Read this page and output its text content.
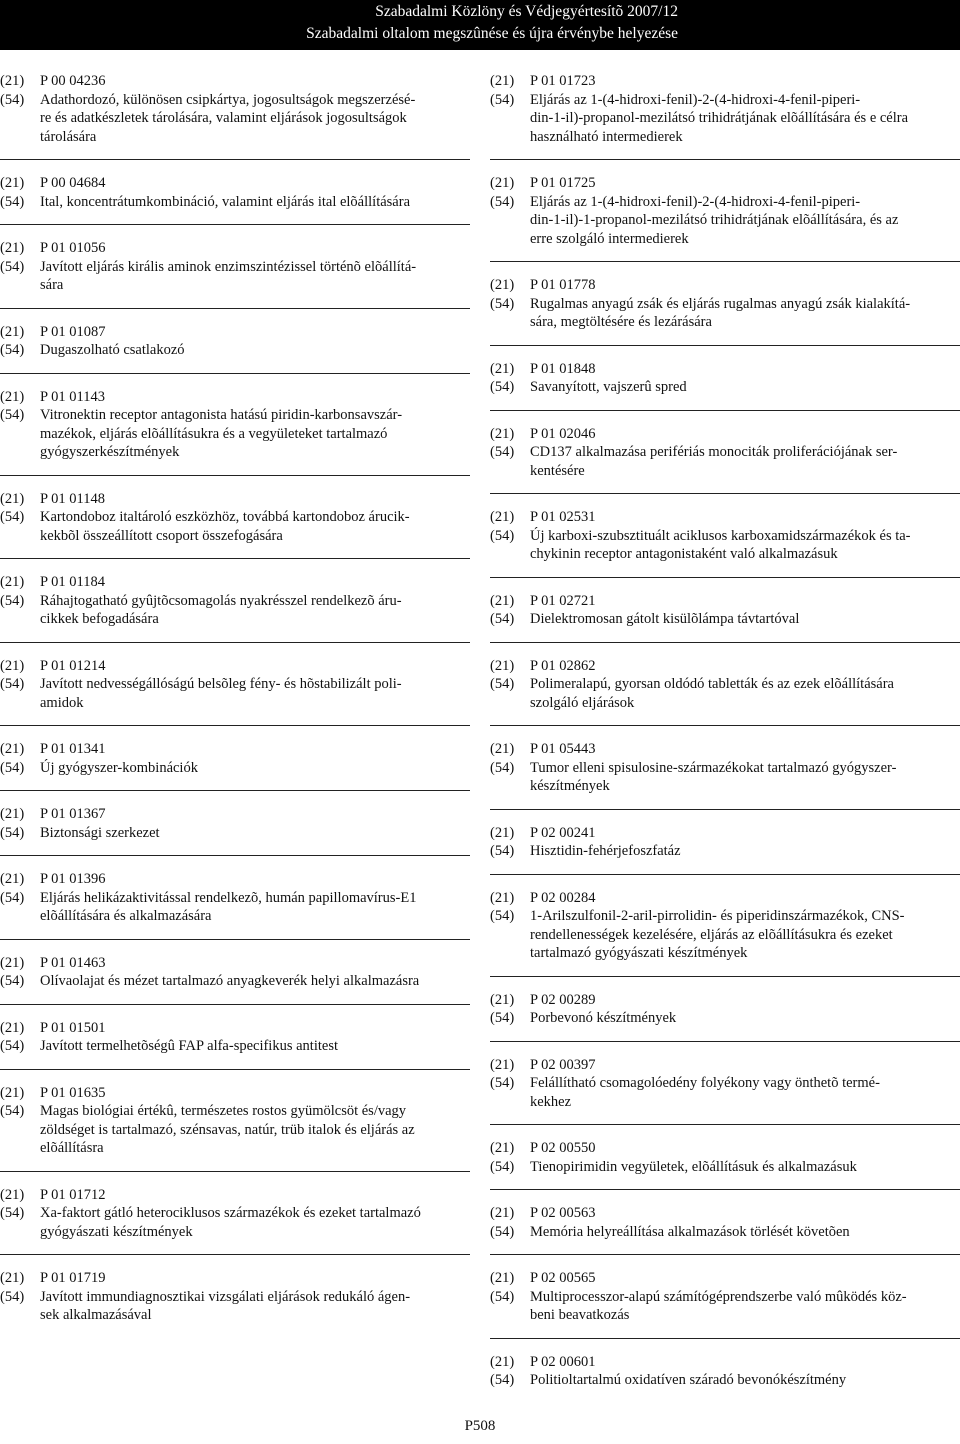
Szabadalmi Közlöny és Védjegyértesítõ 2007/12
Szabadalmi oltalom megszûnése és újra érvénybe helyezése
(21)	P 00 04236
(54)	Adathordozó, különösen csipkártya, jogosultságok megszerzésé-
re és adatkészletek tárolására, valamint eljárások jogosultságok
tárolására
(21)	P 00 04684
(54)	Ital, koncentrátumkombináció, valamint eljárás ital elõállítására
(21)	P 01 01056
(54)	Javított eljárás királis aminok enzimszintézissel történõ elõállítá-
sára
(21)	P 01 01087
(54)	Dugaszolható csatlakozó
(21)	P 01 01143
(54)	Vitronektin receptor antagonista hatású piridin-karbonsavszár-
mazékok, eljárás elõállításukra és a vegyületeket tartalmazó
gyógyszerkészítmények
(21)	P 01 01148
(54)	Kartondoboz italtároló eszközhöz, továbbá kartondoboz árucik-
kekbõl összeállított csoport összefogására
(21)	P 01 01184
(54)	Ráhajtogatható gyûjtõcsomagolás nyakrésszel rendelkezõ áru-
cikkek befogadására
(21)	P 01 01214
(54)	Javított nedvességállóságú belsõleg fény- és hõstabilizált poli-
amidok
(21)	P 01 01341
(54)	Új gyógyszer-kombinációk
(21)	P 01 01367
(54)	Biztonsági szerkezet
(21)	P 01 01396
(54)	Eljárás helikázaktivitással rendelkezõ, humán papillomavírus-E1
elõállítására és alkalmazására
(21)	P 01 01463
(54)	Olívaolajat és mézet tartalmazó anyagkeverék helyi alkalmazásra
(21)	P 01 01501
(54)	Javított termelhetõségû FAP alfa-specifikus antitest
(21)	P 01 01635
(54)	Magas biológiai értékû, természetes rostos gyümölcsöt és/vagy
zöldséget is tartalmazó, szénsavas, natúr, trüb italok és eljárás az
elõállításra
(21)	P 01 01712
(54)	Xa-faktort gátló heterociklusos származékok és ezeket tartalmazó
gyógyászati készítmények
(21)	P 01 01719
(54)	Javított immundiagnosztikai vizsgálati eljárások redukáló ágen-
sek alkalmazásával
(21)	P 01 01723
(54)	Eljárás az 1-(4-hidroxi-fenil)-2-(4-hidroxi-4-fenil-piperi-
din-1-il)-propanol-mezilátsó trihidrátjának elõállítására és e célra
használható intermedierek
(21)	P 01 01725
(54)	Eljárás az 1-(4-hidroxi-fenil)-2-(4-hidroxi-4-fenil-piperi-
din-1-il)-1-propanol-mezilátsó trihidrátjának elõállítására, és az
erre szolgáló intermedierek
(21)	P 01 01778
(54)	Rugalmas anyagú zsák és eljárás rugalmas anyagú zsák kialakítá-
sára, megtöltésére és lezárására
(21)	P 01 01848
(54)	Savanyított, vajszerû spred
(21)	P 01 02046
(54)	CD137 alkalmazása perifériás monociták proliferációjának ser-
kentésére
(21)	P 01 02531
(54)	Új karboxi-szubsztituált aciklusos karboxamidszármazékok és ta-
chykinin receptor antagonistaként való alkalmazásuk
(21)	P 01 02721
(54)	Dielektromosan gátolt kisülõlámpa távtartóval
(21)	P 01 02862
(54)	Polimeralapú, gyorsan oldódó tabletták és az ezek elõállítására
szolgáló eljárások
(21)	P 01 05443
(54)	Tumor elleni spisulosine-származékokat tartalmazó gyógyszer-
készítmények
(21)	P 02 00241
(54)	Hisztidin-fehérjefoszfatáz
(21)	P 02 00284
(54)	1-Arilszulfonil-2-aril-pirrolidin- és piperidinszármazékok, CNS-
rendellenességek kezelésére, eljárás az elõállításukra és ezeket
tartalmazó gyógyászati készítmények
(21)	P 02 00289
(54)	Porbevonó készítmények
(21)	P 02 00397
(54)	Felállítható csomagolóedény folyékony vagy önthetõ termé-
kekhez
(21)	P 02 00550
(54)	Tienopirimidin vegyületek, elõállításuk és alkalmazásuk
(21)	P 02 00563
(54)	Memória helyreállítása alkalmazások törlését követõen
(21)	P 02 00565
(54)	Multiprocesszor-alapú számítógéprendszerbe való mûködés köz-
beni beavatkozás
(21)	P 02 00601
(54)	Politioltartalmú oxidatíven száradó bevonókészítmény
P508
